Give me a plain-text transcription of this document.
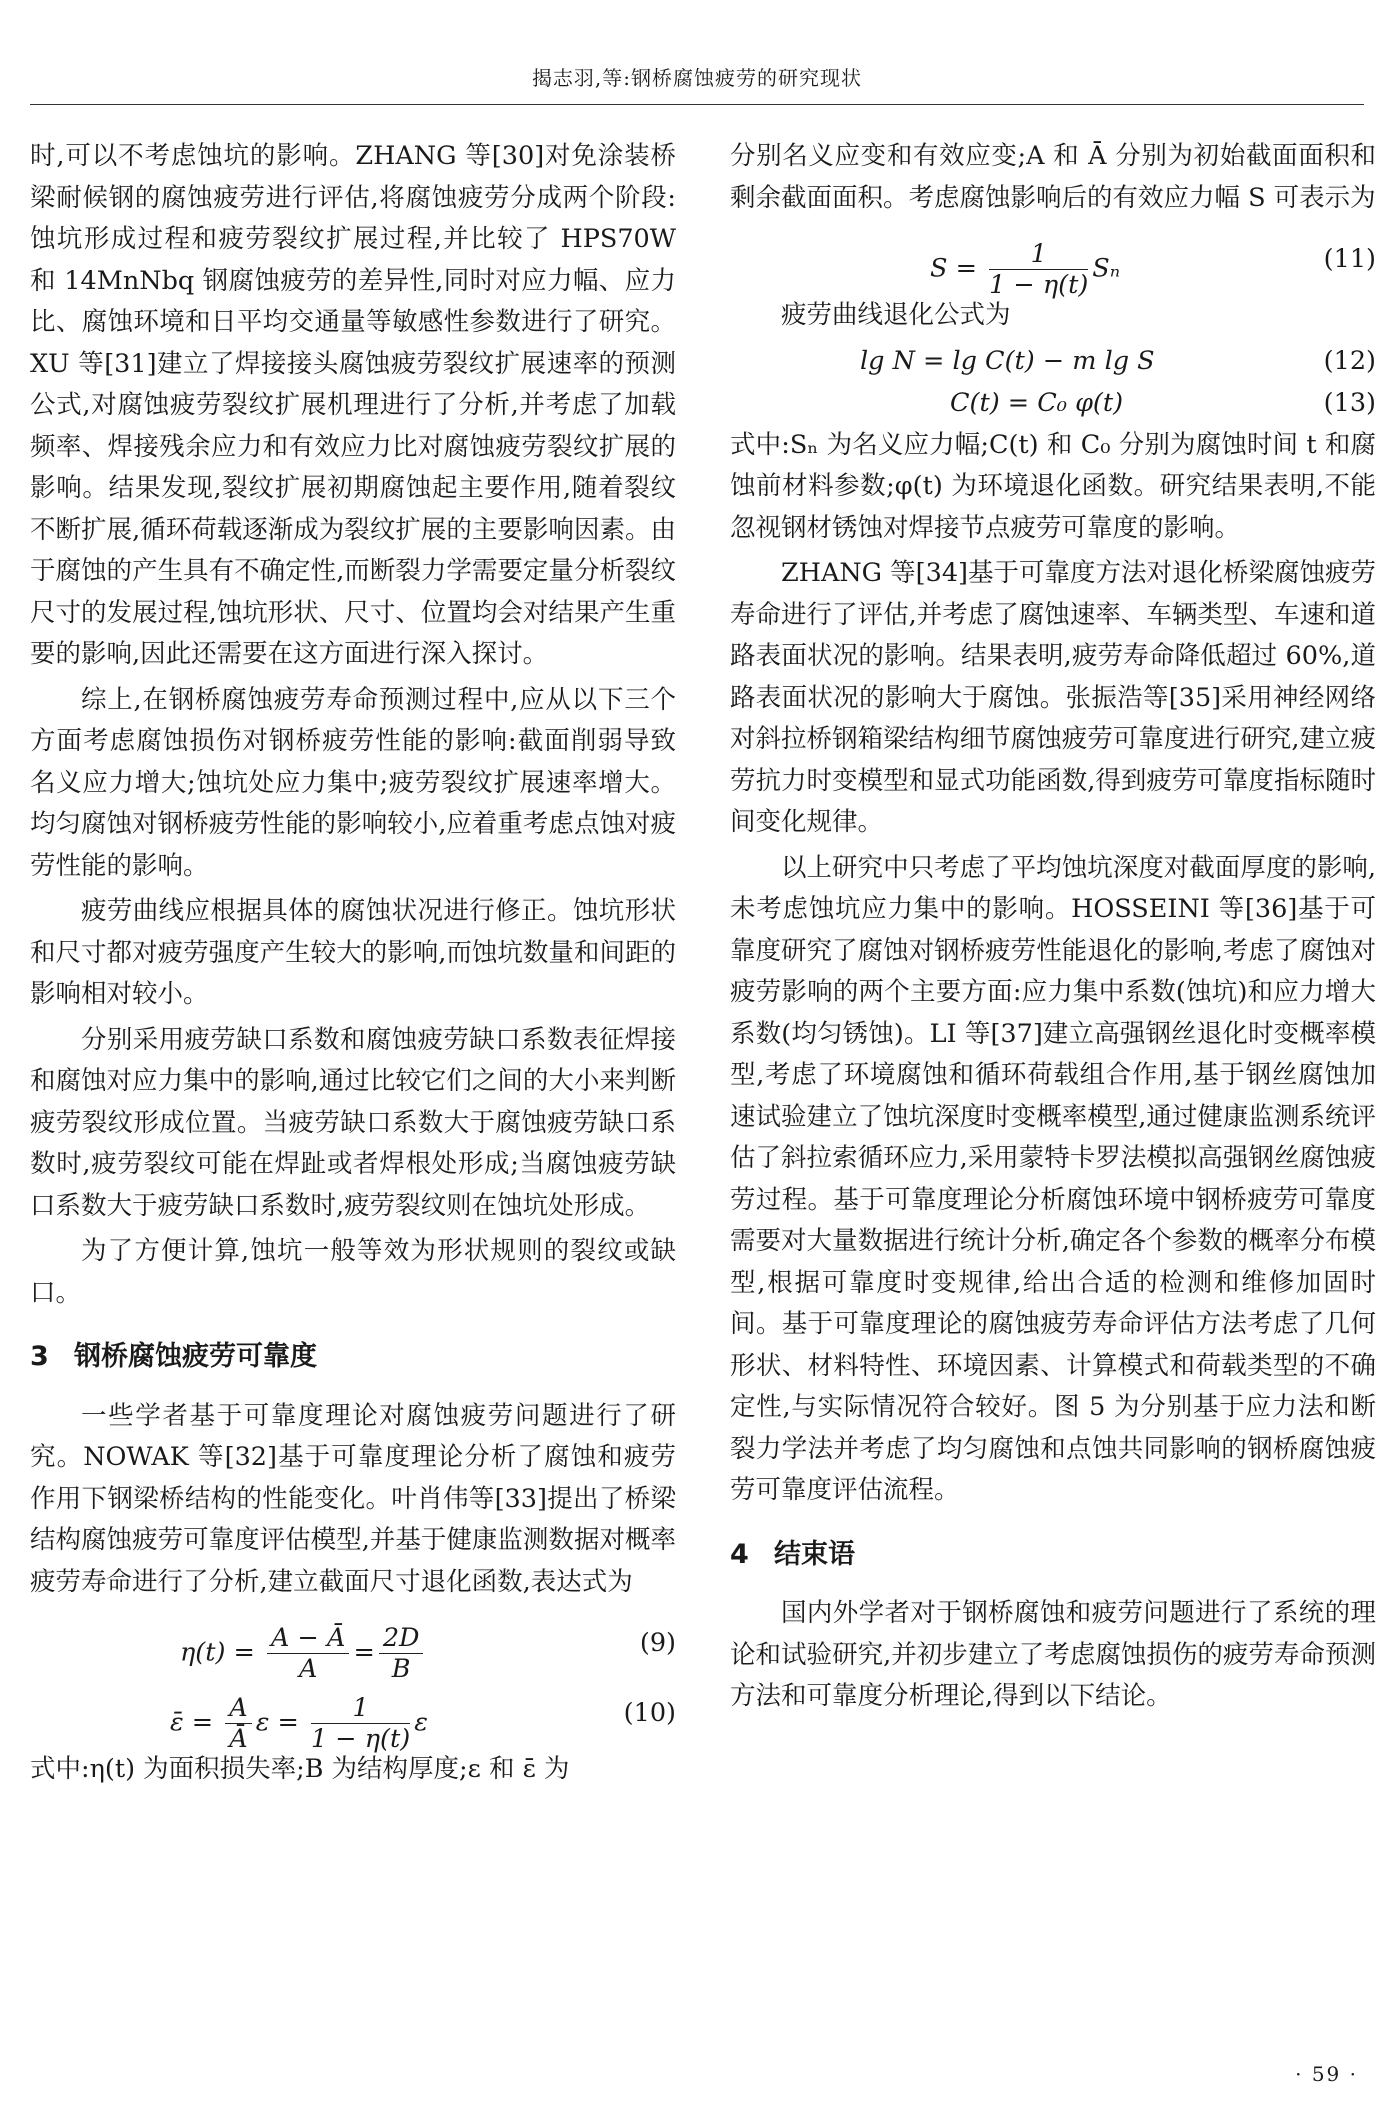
揭志羽,等:钢桥腐蚀疲劳的研究现状

时,可以不考虑蚀坑的影响。ZHANG 等[30]对免涂装桥梁耐候钢的腐蚀疲劳进行评估,将腐蚀疲劳分成两个阶段:蚀坑形成过程和疲劳裂纹扩展过程,并比较了 HPS70W 和 14MnNbq 钢腐蚀疲劳的差异性,同时对应力幅、应力比、腐蚀环境和日平均交通量等敏感性参数进行了研究。XU 等[31]建立了焊接接头腐蚀疲劳裂纹扩展速率的预测公式,对腐蚀疲劳裂纹扩展机理进行了分析,并考虑了加载频率、焊接残余应力和有效应力比对腐蚀疲劳裂纹扩展的影响。结果发现,裂纹扩展初期腐蚀起主要作用,随着裂纹不断扩展,循环荷载逐渐成为裂纹扩展的主要影响因素。由于腐蚀的产生具有不确定性,而断裂力学需要定量分析裂纹尺寸的发展过程,蚀坑形状、尺寸、位置均会对结果产生重要的影响,因此还需要在这方面进行深入探讨。

综上,在钢桥腐蚀疲劳寿命预测过程中,应从以下三个方面考虑腐蚀损伤对钢桥疲劳性能的影响:截面削弱导致名义应力增大;蚀坑处应力集中;疲劳裂纹扩展速率增大。均匀腐蚀对钢桥疲劳性能的影响较小,应着重考虑点蚀对疲劳性能的影响。

疲劳曲线应根据具体的腐蚀状况进行修正。蚀坑形状和尺寸都对疲劳强度产生较大的影响,而蚀坑数量和间距的影响相对较小。

分别采用疲劳缺口系数和腐蚀疲劳缺口系数表征焊接和腐蚀对应力集中的影响,通过比较它们之间的大小来判断疲劳裂纹形成位置。当疲劳缺口系数大于腐蚀疲劳缺口系数时,疲劳裂纹可能在焊趾或者焊根处形成;当腐蚀疲劳缺口系数大于疲劳缺口系数时,疲劳裂纹则在蚀坑处形成。

为了方便计算,蚀坑一般等效为形状规则的裂纹或缺口。

3 钢桥腐蚀疲劳可靠度

一些学者基于可靠度理论对腐蚀疲劳问题进行了研究。NOWAK 等[32]基于可靠度理论分析了腐蚀和疲劳作用下钢梁桥结构的性能变化。叶肖伟等[33]提出了桥梁结构腐蚀疲劳可靠度评估模型,并基于健康监测数据对概率疲劳寿命进行了分析,建立截面尺寸退化函数,表达式为

$\eta(t) = \frac{A - Ā}{A} = \frac{2D}{B}$	(9)
ε̄ = $\frac{A}{Ā}$ $\varepsilon = \frac{1}{1 - \eta(t)}$ ε	(10)

式中:η(t) 为面积损失率;B 为结构厚度;ε 和 ε̄ 为

分别名义应变和有效应变;A 和 Ā 分别为初始截面面积和剩余截面面积。考虑腐蚀影响后的有效应力幅 S 可表示为

$S = \frac{1}{1 - \eta(t)}$ Sₙ	(11)

疲劳曲线退化公式为

lg N = lg C(t) − m lg S	(12)
C(t) = C₀ φ(t)	(13)

式中:Sₙ 为名义应力幅;C(t) 和 C₀ 分别为腐蚀时间 t 和腐蚀前材料参数;φ(t) 为环境退化函数。研究结果表明,不能忽视钢材锈蚀对焊接节点疲劳可靠度的影响。

ZHANG 等[34]基于可靠度方法对退化桥梁腐蚀疲劳寿命进行了评估,并考虑了腐蚀速率、车辆类型、车速和道路表面状况的影响。结果表明,疲劳寿命降低超过 60%,道路表面状况的影响大于腐蚀。张振浩等[35]采用神经网络对斜拉桥钢箱梁结构细节腐蚀疲劳可靠度进行研究,建立疲劳抗力时变模型和显式功能函数,得到疲劳可靠度指标随时间变化规律。

以上研究中只考虑了平均蚀坑深度对截面厚度的影响,未考虑蚀坑应力集中的影响。HOSSEINI 等[36]基于可靠度研究了腐蚀对钢桥疲劳性能退化的影响,考虑了腐蚀对疲劳影响的两个主要方面:应力集中系数(蚀坑)和应力增大系数(均匀锈蚀)。LI 等[37]建立高强钢丝退化时变概率模型,考虑了环境腐蚀和循环荷载组合作用,基于钢丝腐蚀加速试验建立了蚀坑深度时变概率模型,通过健康监测系统评估了斜拉索循环应力,采用蒙特卡罗法模拟高强钢丝腐蚀疲劳过程。基于可靠度理论分析腐蚀环境中钢桥疲劳可靠度需要对大量数据进行统计分析,确定各个参数的概率分布模型,根据可靠度时变规律,给出合适的检测和维修加固时间。基于可靠度理论的腐蚀疲劳寿命评估方法考虑了几何形状、材料特性、环境因素、计算模式和荷载类型的不确定性,与实际情况符合较好。图 5 为分别基于应力法和断裂力学法并考虑了均匀腐蚀和点蚀共同影响的钢桥腐蚀疲劳可靠度评估流程。

4 结束语

国内外学者对于钢桥腐蚀和疲劳问题进行了系统的理论和试验研究,并初步建立了考虑腐蚀损伤的疲劳寿命预测方法和可靠度分析理论,得到以下结论。

· 59 ·
